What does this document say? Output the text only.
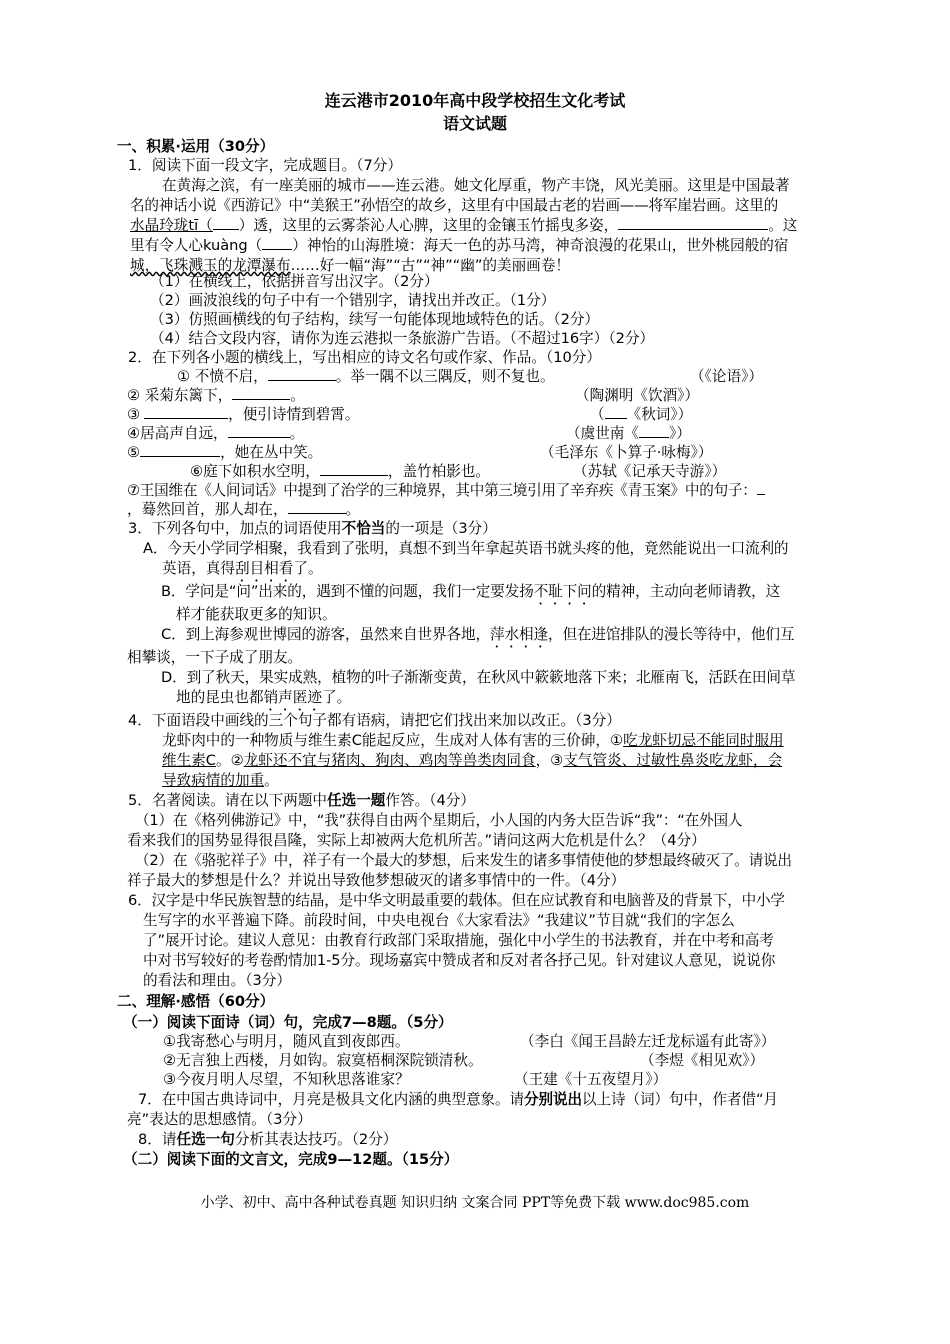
连云港市2010年高中段学校招生文化考试
语文试题
一、积累·运用（30分）
1．阅读下面一段文字，完成题目。（7分）
在黄海之滨，有一座美丽的城市——连云港。她文化厚重，物产丰饶，风光美丽。这里是中国最著
名的神话小说《西游记》中“美猴王”孙悟空的故乡，这里有中国最古老的岩画——将军崖岩画。这里的
水晶玲珑tī（ ）透，这里的云雾荼沁人心脾，这里的金镶玉竹摇曳多姿，	。这
里有令人心kuàng（ ）神怡的山海胜境：海天一色的苏马湾，神奇浪漫的花果山，世外桃园般的宿
城，飞珠溅玉的龙潭瀑布……好一幅“海”“古”“神”“幽”的美丽画卷！
（1）在横线上，依据拼音写出汉字。（2分）
（2）画波浪线的句子中有一个错别字，请找出并改正。（1分）
（3）仿照画横线的句子结构，续写一句能体现地域特色的话。（2分）
（4）结合文段内容，请你为连云港拟一条旅游广告语。（不超过16字）（2分）
2．在下列各小题的横线上，写出相应的诗文名句或作家、作品。（10分）
① 不愤不启，	。举一隅不以三隅反，则不复也。	（《论语》）
② 采菊东篱下，	。	（陶渊明《饮酒》）
③	，便引诗情到碧霄。	（ 《秋词》）
④居高声自远，	。	（虞世南《 》）
⑤	，她在丛中笑。	（毛泽东《卜算子·咏梅》）
⑥庭下如积水空明，	，盖竹柏影也。	（苏轼《记承天寺游》）
⑦王国维在《人间词话》中提到了治学的三种境界，其中第三境引用了辛弃疾《青玉案》中的句子：
，蓦然回首，那人却在，	。
3．下列各句中，加点的词语使用不恰当的一项是（3分）
A．今天小学同学相聚，我看到了张明，真想不到当年拿起英语书就头疼的他，竟然能说出一口流利的
英语，真得刮目相看了。
B．学问是“问”出来的，遇到不懂的问题，我们一定要发扬不耻下问的精神，主动向老师请教，这
样才能获取更多的知识。
C．到上海参观世博园的游客，虽然来自世界各地，萍水相逢，但在进馆排队的漫长等待中，他们互
相攀谈，一下子成了朋友。
D．到了秋天，果实成熟，植物的叶子渐渐变黄，在秋风中簌簌地落下来；北雁南飞，活跃在田间草
地的昆虫也都销声匿迹了。
4．下面语段中画线的三个句子都有语病，请把它们找出来加以改正。（3分）
龙虾肉中的一种物质与维生素C能起反应，生成对人体有害的三价砷，①吃龙虾切忌不能同时服用
维生素C。②龙虾还不宜与猪肉、狗肉、鸡肉等兽类肉同食，③支气管炎、过敏性鼻炎吃龙虾，会
导致病情的加重。
5．名著阅读。请在以下两题中任选一题作答。（4分）
（1）在《格列佛游记》中，“我”获得自由两个星期后，小人国的内务大臣告诉“我”：“在外国人
看来我们的国势显得很昌隆，实际上却被两大危机所苦。”请问这两大危机是什么？（4分）
（2）在《骆驼祥子》中，祥子有一个最大的梦想，后来发生的诸多事情使他的梦想最终破灭了。请说出
祥子最大的梦想是什么？并说出导致他梦想破灭的诸多事情中的一件。（4分）
6．汉字是中华民族智慧的结晶，是中华文明最重要的载体。但在应试教育和电脑普及的背景下，中小学
生写字的水平普遍下降。前段时间，中央电视台《大家看法》“我建议”节目就“我们的字怎么
了”展开讨论。建议人意见：由教育行政部门采取措施，强化中小学生的书法教育，并在中考和高考
中对书写较好的考卷酌情加1-5分。现场嘉宾中赞成者和反对者各抒己见。针对建议人意见，说说你
的看法和理由。（3分）
二、理解·感悟（60分）
（一）阅读下面诗（词）句，完成7—8题。（5分）
①我寄愁心与明月，随风直到夜郎西。	（李白《闻王昌龄左迁龙标遥有此寄》）
②无言独上西楼，月如钩。寂寞梧桐深院锁清秋。	（李煜《相见欢》）
③今夜月明人尽望，不知秋思落谁家？	（王建《十五夜望月》）
7．在中国古典诗词中，月亮是极具文化内涵的典型意象。请分别说出以上诗（词）句中，作者借“月
亮”表达的思想感情。（3分）
8．请任选一句分析其表达技巧。（2分）
（二）阅读下面的文言文，完成9—12题。（15分）
小学、初中、高中各种试卷真题 知识归纳 文案合同 PPT等免费下载 www.doc985.com
